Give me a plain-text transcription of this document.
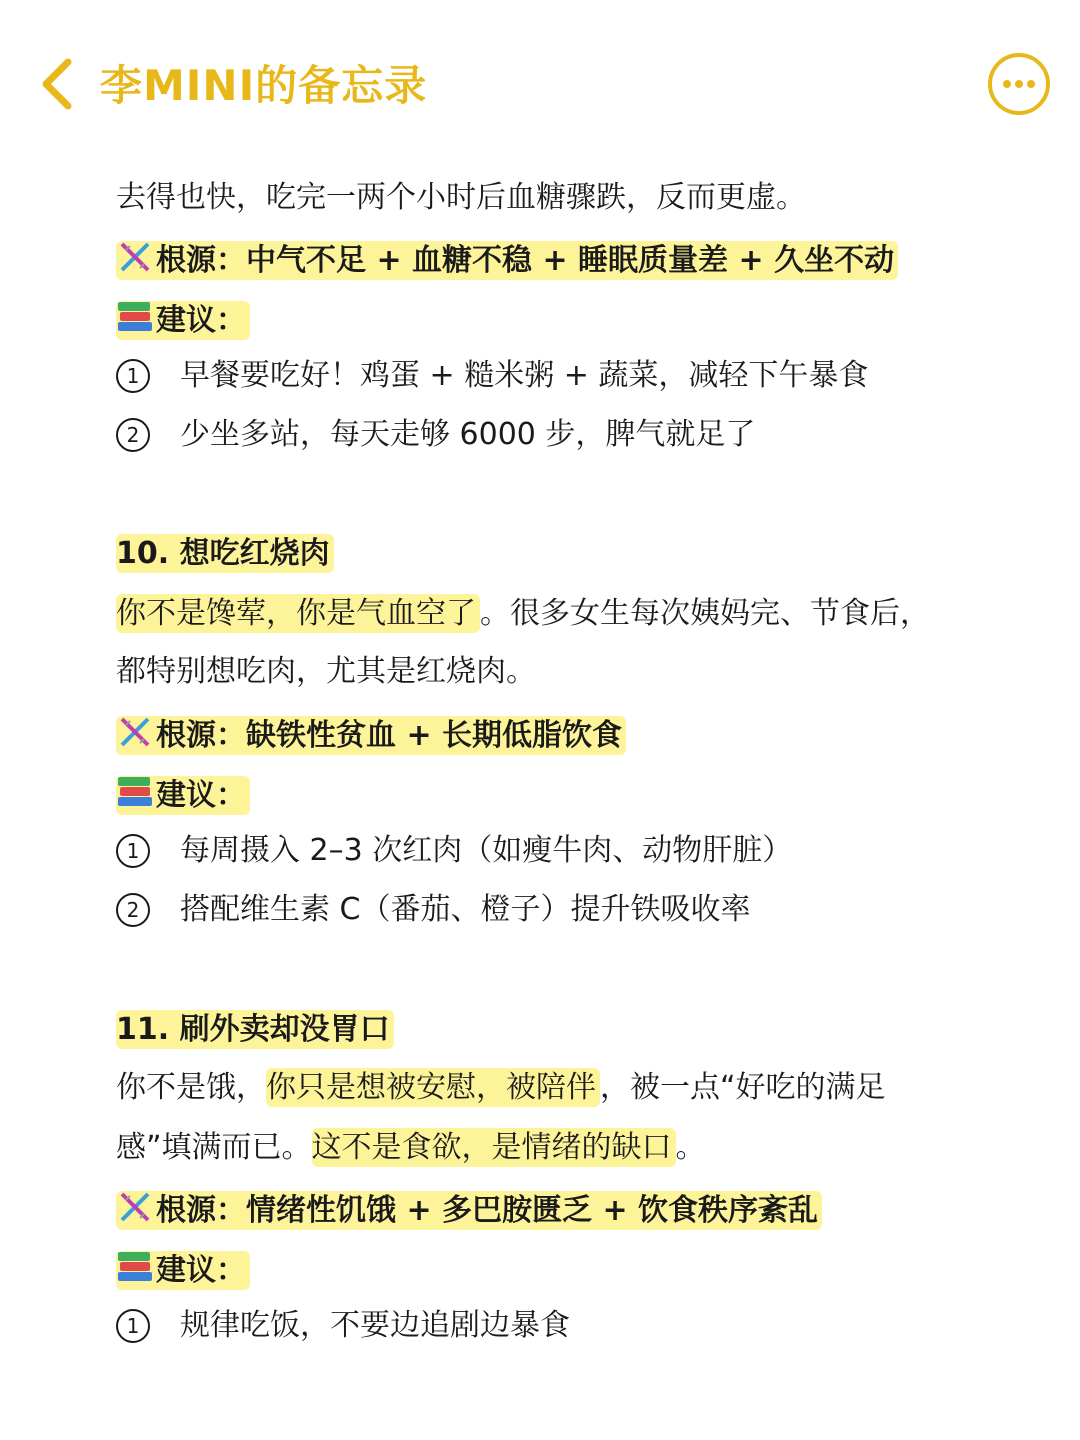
李MINI的备忘录
去得也快，吃完一两个小时后血糖骤跌，反而更虚。
根源：中气不足 + 血糖不稳 + 睡眠质量差 + 久坐不动
建议：
1 早餐要吃好！鸡蛋 + 糙米粥 + 蔬菜，减轻下午暴食
2 少坐多站，每天走够 6000 步，脾气就足了
10. 想吃红烧肉
你不是馋荤，你是气血空了 。很多女生每次姨妈完、节食后，
都特别想吃肉，尤其是红烧肉。
根源：缺铁性贫血 + 长期低脂饮食
建议：
1 每周摄入 2–3 次红肉（如瘦牛肉、动物肝脏）
2 搭配维生素 C（番茄、橙子）提升铁吸收率
11. 刷外卖却没胃口
你不是饿，你只是想被安慰，被陪伴 ，被一点“好吃的满足
感”填满而已。这不是食欲，是情绪的缺口 。
根源：情绪性饥饿 + 多巴胺匮乏 + 饮食秩序紊乱
建议：
1 规律吃饭，不要边追剧边暴食
